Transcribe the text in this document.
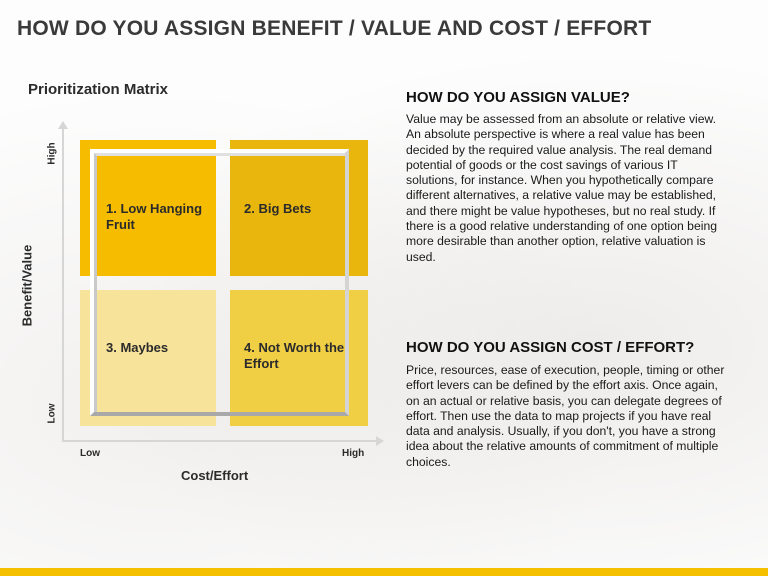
HOW DO YOU ASSIGN BENEFIT / VALUE AND COST / EFFORT
Prioritization Matrix
High
Low
Benefit/Value
Low	High
Cost/Effort
1. Low Hanging Fruit
2. Big Bets
3. Maybes	4. Not Worth the Effort
HOW DO YOU ASSIGN VALUE?
Value may be assessed from an absolute or relative view. An absolute perspective is where a real value has been decided by the required value analysis. The real demand potential of goods or the cost savings of various IT solutions, for instance. When you hypothetically compare different alternatives, a relative value may be established, and there might be value hypotheses, but no real study. If there is a good relative understanding of one option being more desirable than another option, relative valuation is used.
HOW DO YOU ASSIGN COST / EFFORT?
Price, resources, ease of execution, people, timing or other effort levers can be defined by the effort axis. Once again, on an actual or relative basis, you can delegate degrees of effort. Then use the data to map projects if you have real data and analysis. Usually, if you don't, you have a strong idea about the relative amounts of commitment of multiple choices.
